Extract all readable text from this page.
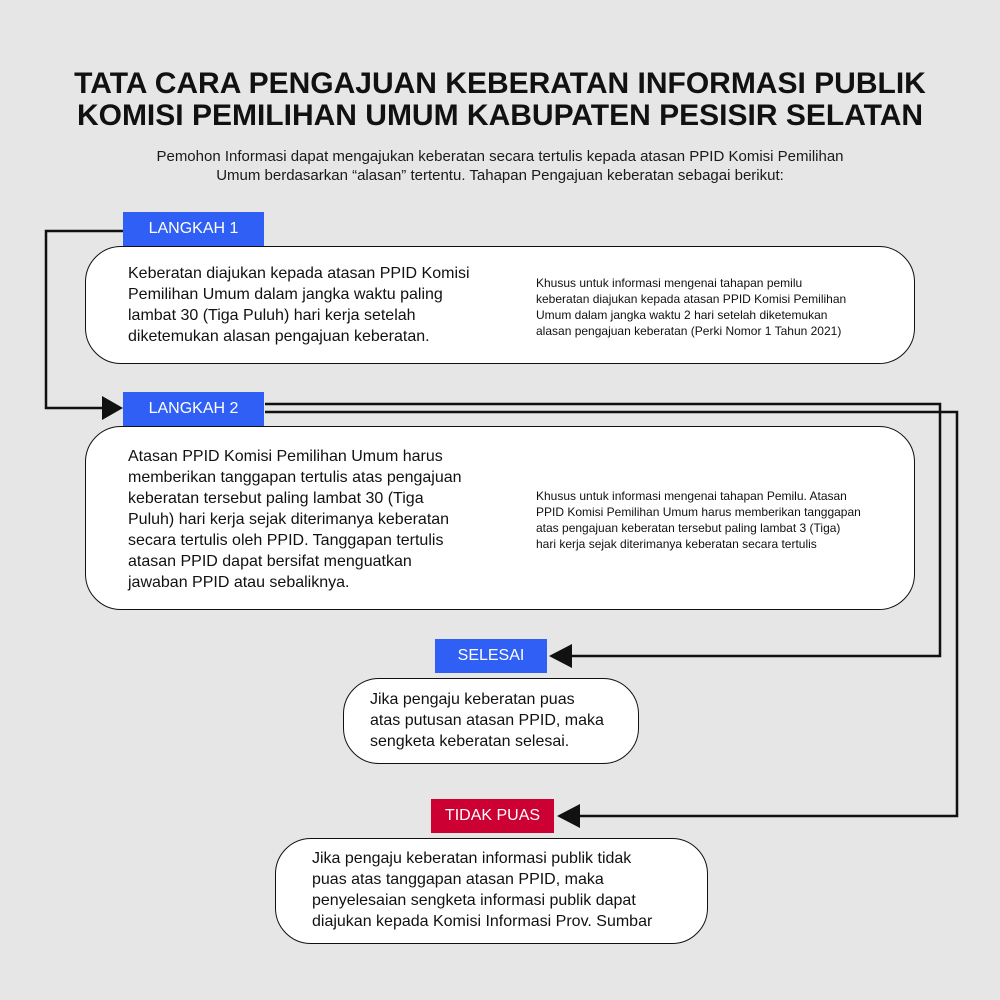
TATA CARA PENGAJUAN KEBERATAN INFORMASI PUBLIK
KOMISI PEMILIHAN UMUM KABUPATEN PESISIR SELATAN
Pemohon Informasi dapat mengajukan keberatan secara tertulis kepada atasan PPID Komisi Pemilihan
Umum berdasarkan “alasan” tertentu. Tahapan Pengajuan keberatan sebagai berikut:
LANGKAH 1
Keberatan diajukan kepada atasan PPID Komisi
Pemilihan Umum dalam jangka waktu paling
lambat 30 (Tiga Puluh) hari kerja setelah
diketemukan alasan pengajuan keberatan.
Khusus untuk informasi mengenai tahapan pemilu
keberatan diajukan kepada atasan PPID Komisi Pemilihan
Umum dalam jangka waktu 2 hari setelah diketemukan
alasan pengajuan keberatan (Perki Nomor 1 Tahun 2021)
LANGKAH 2
Atasan PPID Komisi Pemilihan Umum harus
memberikan tanggapan tertulis atas pengajuan
keberatan tersebut paling lambat 30 (Tiga
Puluh) hari kerja sejak diterimanya keberatan
secara tertulis oleh PPID. Tanggapan tertulis
atasan PPID dapat bersifat menguatkan
jawaban PPID atau sebaliknya.
Khusus untuk informasi mengenai tahapan Pemilu. Atasan
PPID Komisi Pemilihan Umum harus memberikan tanggapan
atas pengajuan keberatan tersebut paling lambat 3 (Tiga)
hari kerja sejak diterimanya keberatan secara tertulis
SELESAI
Jika pengaju keberatan puas
atas putusan atasan PPID, maka
sengketa keberatan selesai.
TIDAK PUAS
Jika pengaju keberatan informasi publik tidak
puas atas tanggapan atasan PPID, maka
penyelesaian sengketa informasi publik dapat
diajukan kepada Komisi Informasi Prov. Sumbar
